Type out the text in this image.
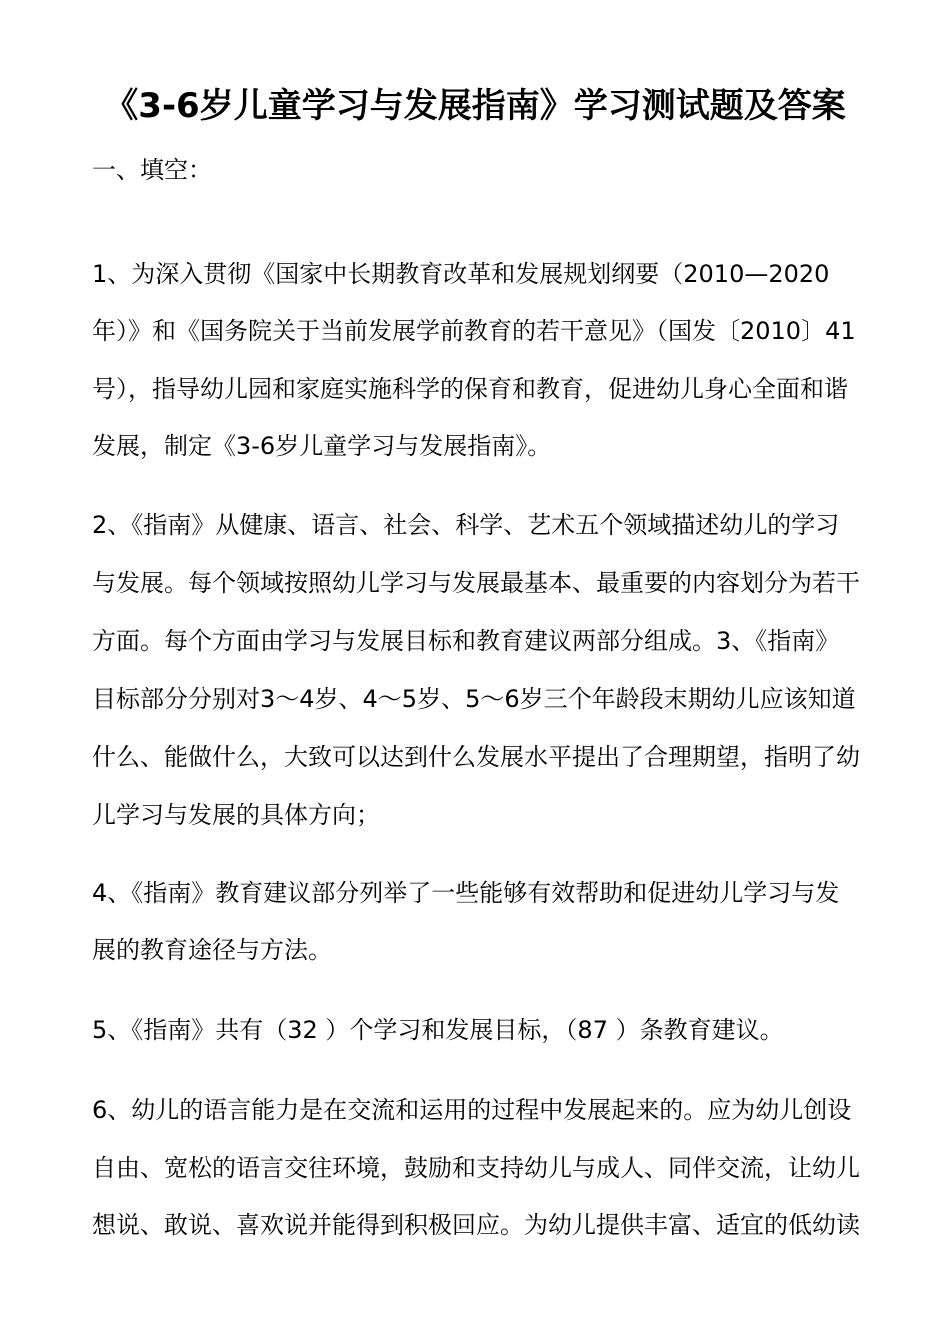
《3-6岁儿童学习与发展指南》学习测试题及答案
一、填空：
1、为深入贯彻《国家中长期教育改革和发展规划纲要（2010—2020
年）》和《国务院关于当前发展学前教育的若干意见》（国发〔2010〕41
号），指导幼儿园和家庭实施科学的保育和教育，促进幼儿身心全面和谐
发展，制定《3-6岁儿童学习与发展指南》。
2、《指南》从健康、语言、社会、科学、艺术五个领域描述幼儿的学习
与发展。每个领域按照幼儿学习与发展最基本、最重要的内容划分为若干
方面。每个方面由学习与发展目标和教育建议两部分组成。3、《指南》
目标部分分别对3～4岁、4～5岁、5～6岁三个年龄段末期幼儿应该知道
什么、能做什么，大致可以达到什么发展水平提出了合理期望，指明了幼
儿学习与发展的具体方向；
4、《指南》教育建议部分列举了一些能够有效帮助和促进幼儿学习与发
展的教育途径与方法。
5、《指南》共有（32 ）个学习和发展目标，（87 ）条教育建议。
6、幼儿的语言能力是在交流和运用的过程中发展起来的。应为幼儿创设
自由、宽松的语言交往环境，鼓励和支持幼儿与成人、同伴交流，让幼儿
想说、敢说、喜欢说并能得到积极回应。为幼儿提供丰富、适宜的低幼读
